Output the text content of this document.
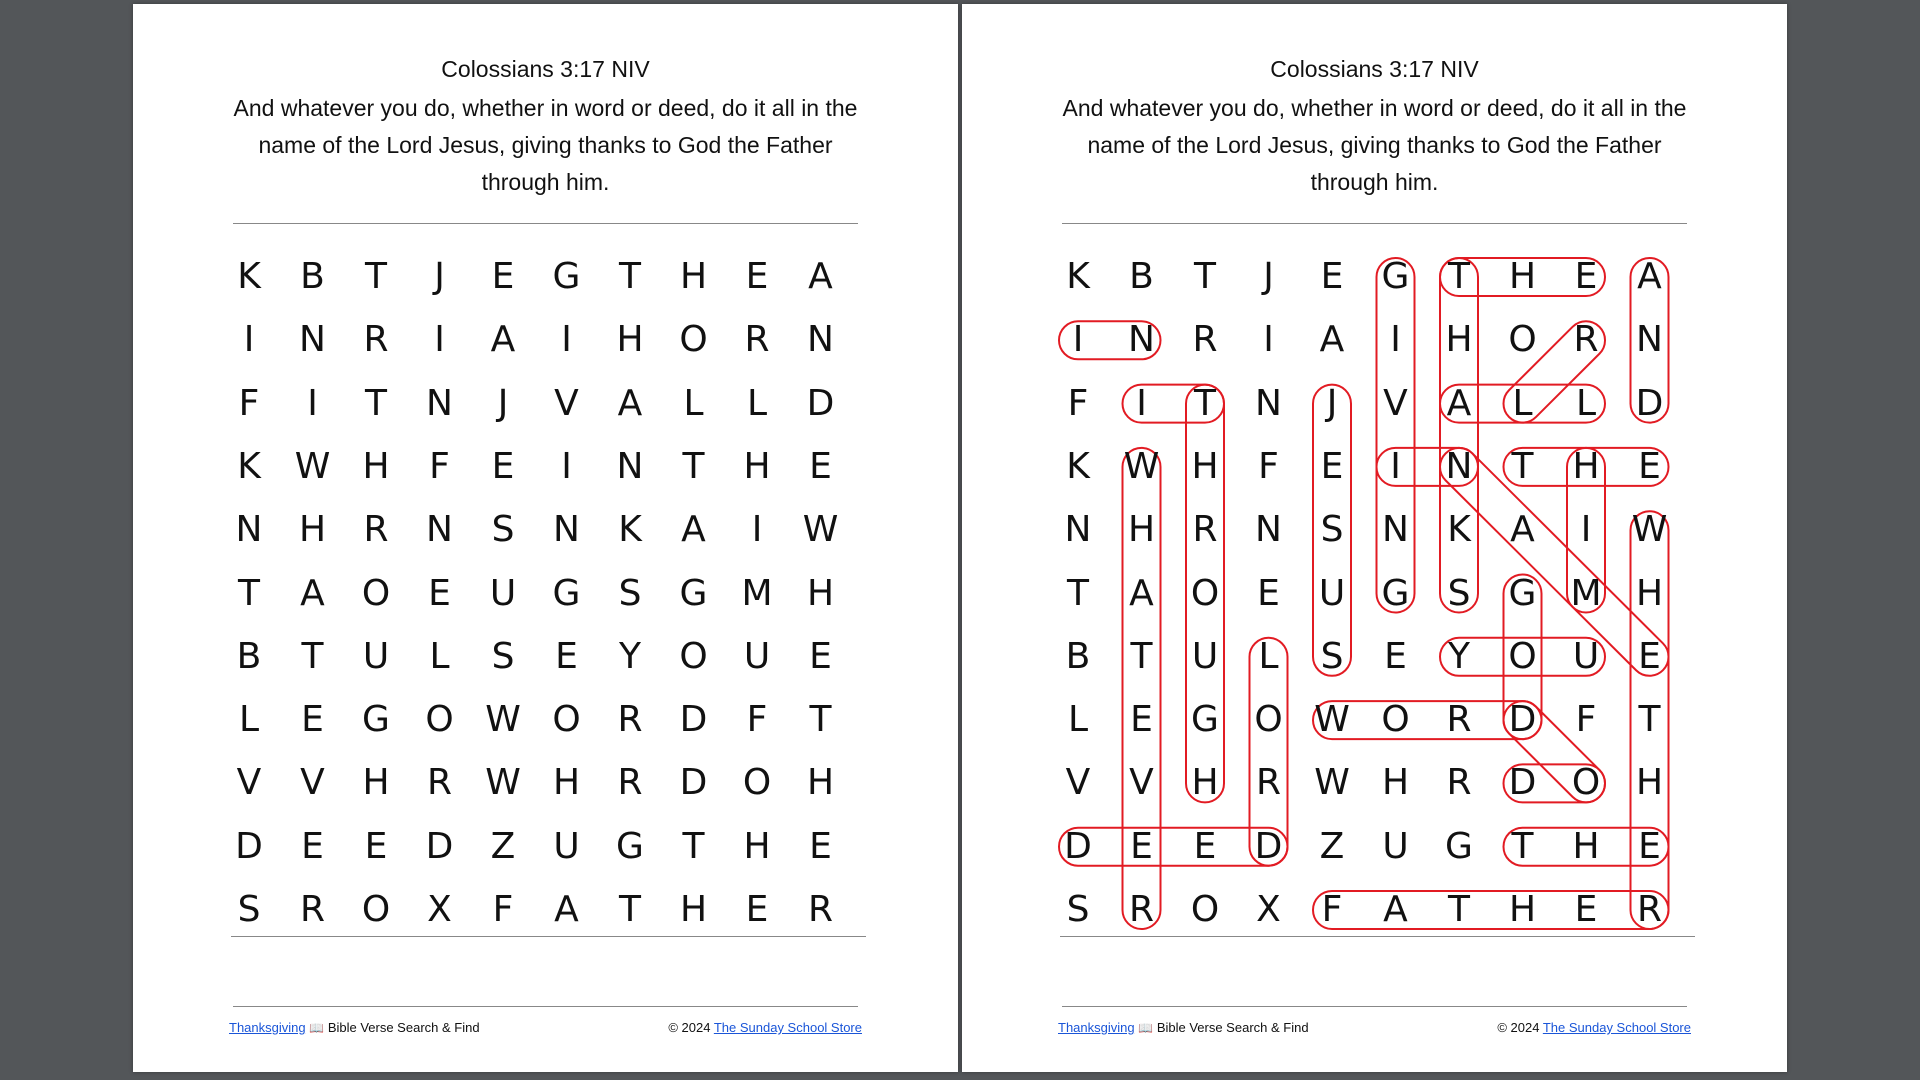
Colossians 3:17 NIV
And whatever you do, whether in word or deed, do it all in the name of the Lord Jesus, giving thanks to God the Father through him.
K B T	J	E G T H E A
I	N R	I	A	I	H O R N
F	I	T N	J	V A L L D
K W H F E	I	N T H E
N H R N S N K A	I	W
T A O E U G S G M H
B T U L S E Y O U E
L E G O W O R D F T
V V H R W H R D O H
D E E D Z U G T H E
S R O X F A T H E R
Thanksgiving 📖 Bible Verse Search & Find	© 2024 The Sunday School Store
Colossians 3:17 NIV
And whatever you do, whether in word or deed, do it all in the name of the Lord Jesus, giving thanks to God the Father through him.
K B T	J	E G T H E A
I	N R	I	A	I	H O R N
F	I	T N	J	V A L L D
K W H F E	I	N T H E
N H R N S N K A	I	W
T A O E U G S G M H
B T U L S E Y O U E
L E G O W O R D F T
V V H R W H R D O H
D E E D Z U G T H E
S R O X F A T H E R
Thanksgiving 📖 Bible Verse Search & Find	© 2024 The Sunday School Store
